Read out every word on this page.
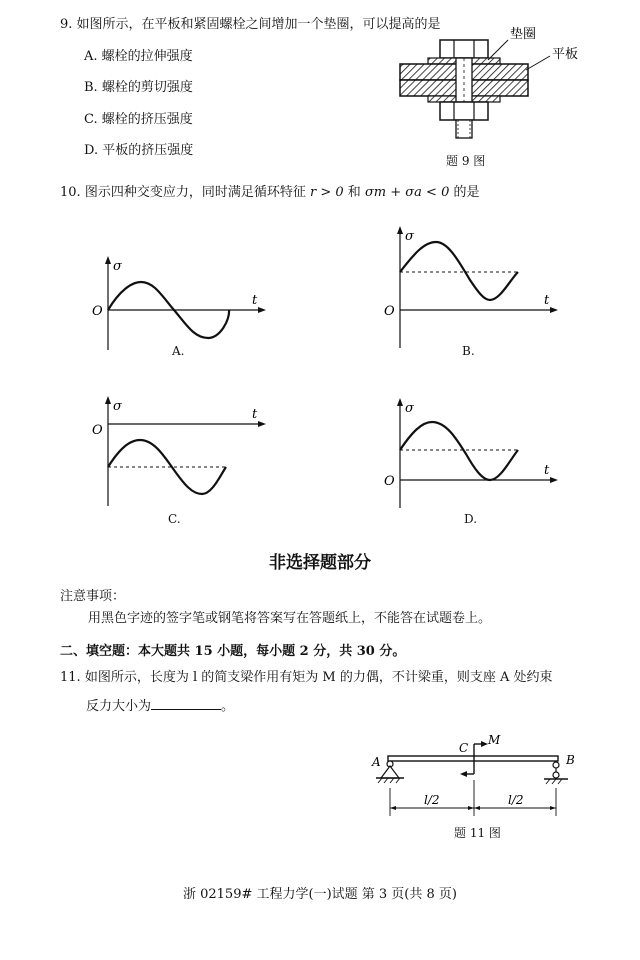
9. 如图所示，在平板和紧固螺栓之间增加一个垫圈，可以提高的是
A. 螺栓的拉伸强度
B. 螺栓的剪切强度
C. 螺栓的挤压强度
D. 平板的挤压强度
垫圈
平板
题 9 图
10. 图示四种交变应力，同时满足循环特征 r > 0 和 σm + σa < 0 的是
σ
t
O
A.
σ
t
O
B.
σ
t
O
C.
σ
t
O
D.
非选择题部分
注意事项：
用黑色字迹的签字笔或钢笔将答案写在答题纸上，不能答在试题卷上。
二、填空题：本大题共 15 小题，每小题 2 分，共 30 分。
11. 如图所示，长度为 l 的简支梁作用有矩为 M 的力偶，不计梁重，则支座 A 处约束
反力大小为	。
A	B
C
M
l/2	l/2
题 11 图
浙 02159# 工程力学(一)试题 第 3 页(共 8 页)
